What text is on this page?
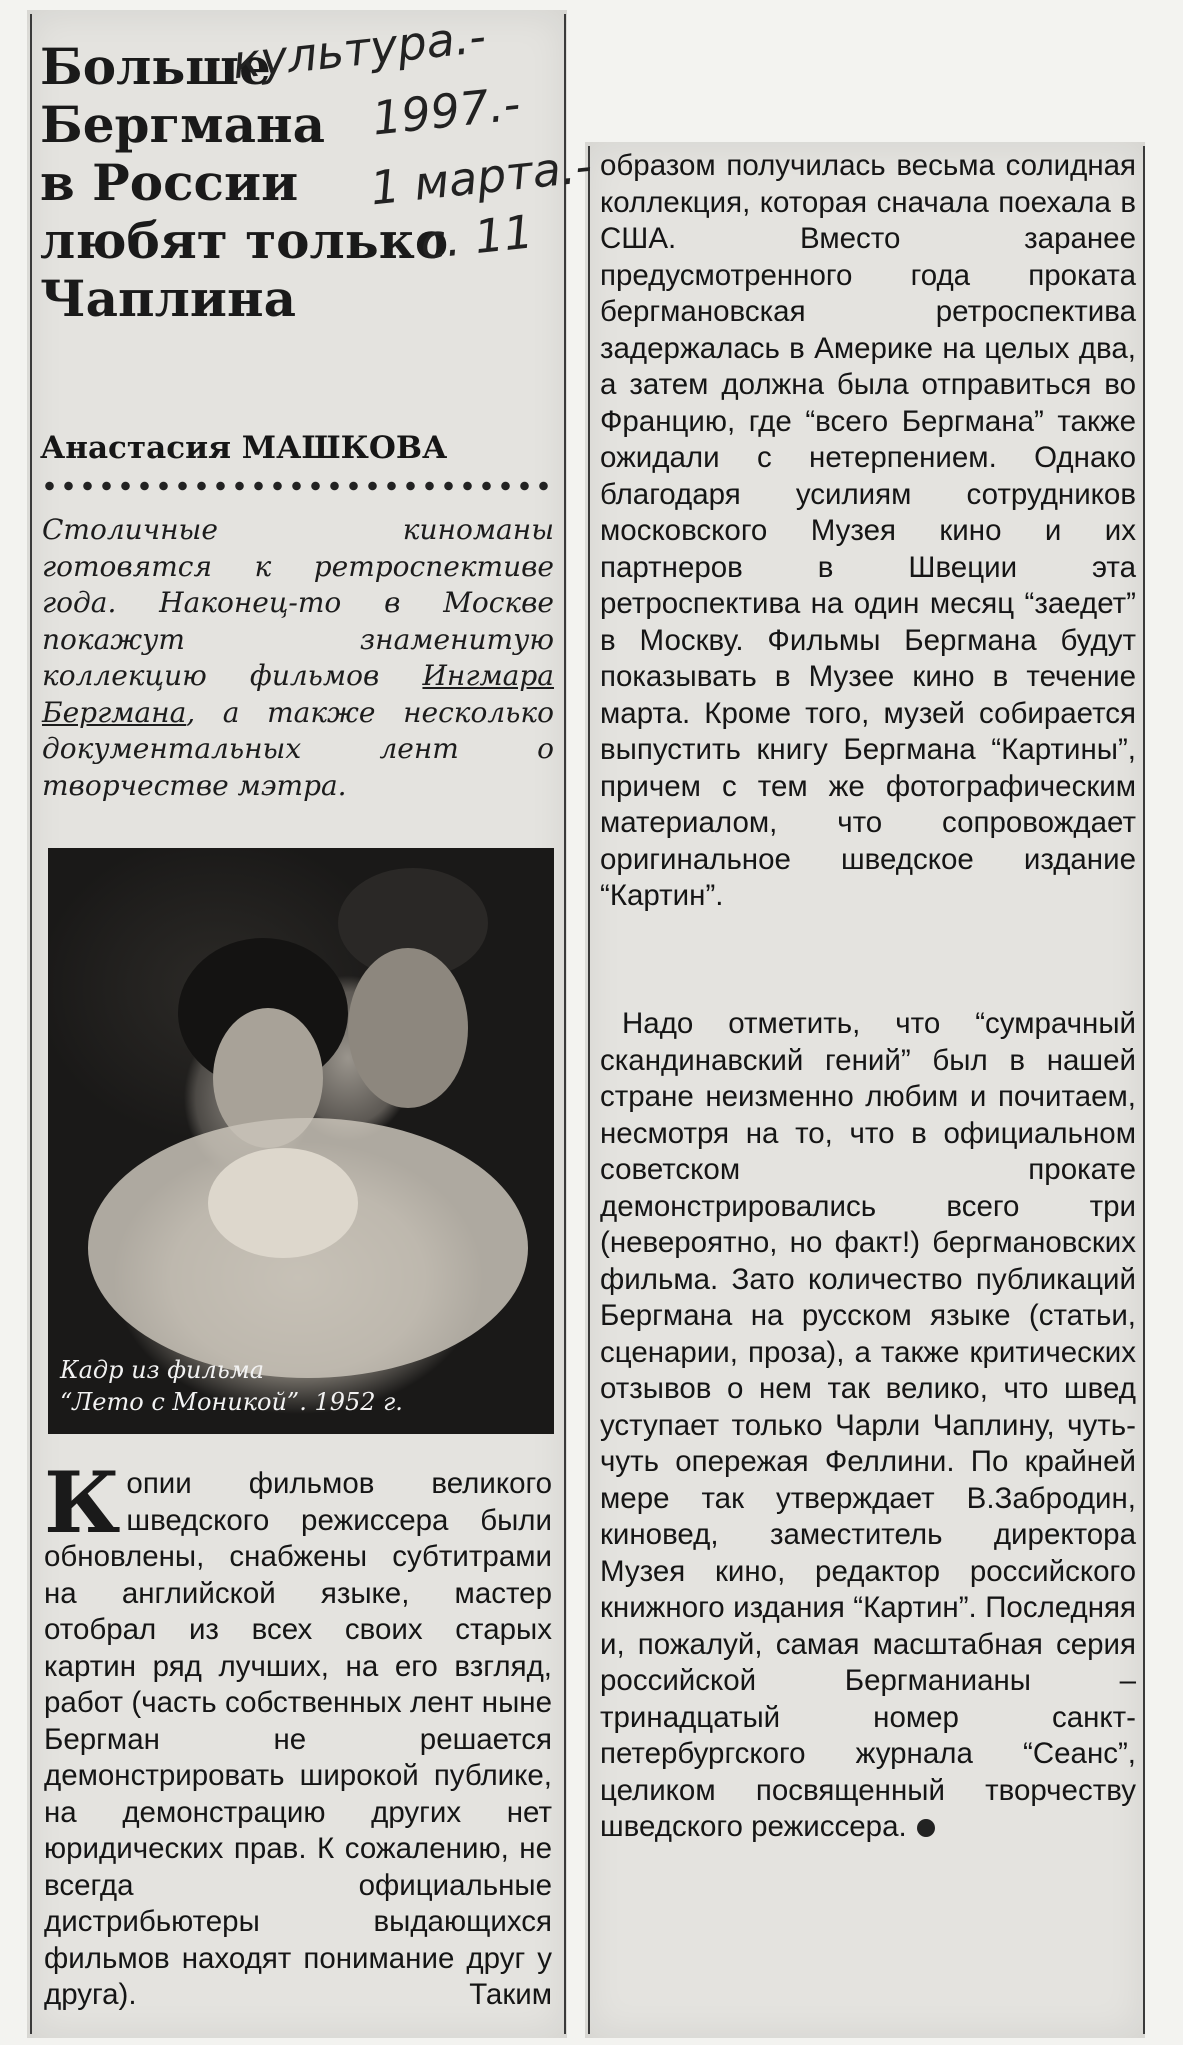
Больше
Бергмана
в России
любят только
Чаплина
культура.-
1997.-
1 марта.-
с. 11
Анастасия МАШКОВА

Столичные киноманы готовятся к ретроспективе года. Наконец-то в Москве покажут знаменитую коллекцию фильмов Ингмара Бергмана, а также несколько документальных лент о творчестве мэтра.

Кадр из фильма
“Лето с Моникой”. 1952 г.

Копии фильмов великого шведского режиссера были обновлены, снабжены субтитрами на английской языке, мастер отобрал из всех своих старых картин ряд лучших, на его взгляд, работ (часть собственных лент ныне Бергман не решается демонстрировать широкой публике, на демонстрацию других нет юридических прав. К сожалению, не всегда официальные дистрибьютеры выдающихся фильмов находят понимание друг у друга). Таким

образом получилась весьма солидная коллекция, которая сначала поехала в США. Вместо заранее предусмотренного года проката бергмановская ретроспектива задержалась в Америке на целых два, а затем должна была отправиться во Францию, где “всего Бергмана” также ожидали с нетерпением. Однако благодаря усилиям сотрудников московского Музея кино и их партнеров в Швеции эта ретроспектива на один месяц “заедет” в Москву. Фильмы Бергмана будут показывать в Музее кино в течение марта. Кроме того, музей собирается выпустить книгу Бергмана “Картины”, причем с тем же фотографическим материалом, что сопровождает оригинальное шведское издание “Картин”.

Надо отметить, что “сумрачный скандинавский гений” был в нашей стране неизменно любим и почитаем, несмотря на то, что в официальном советском прокате демонстрировались всего три (невероятно, но факт!) бергмановских фильма. Зато количество публикаций Бергмана на русском языке (статьи, сценарии, проза), а также критических отзывов о нем так велико, что швед уступает только Чарли Чаплину, чуть-чуть опережая Феллини. По крайней мере так утверждает В.Забродин, киновед, заместитель директора Музея кино, редактор российского книжного издания “Картин”. Последняя и, пожалуй, самая масштабная серия российской Бергманианы – тринадцатый номер санкт-петербургского журнала “Сеанс”, целиком посвященный творчеству шведского режиссера.
